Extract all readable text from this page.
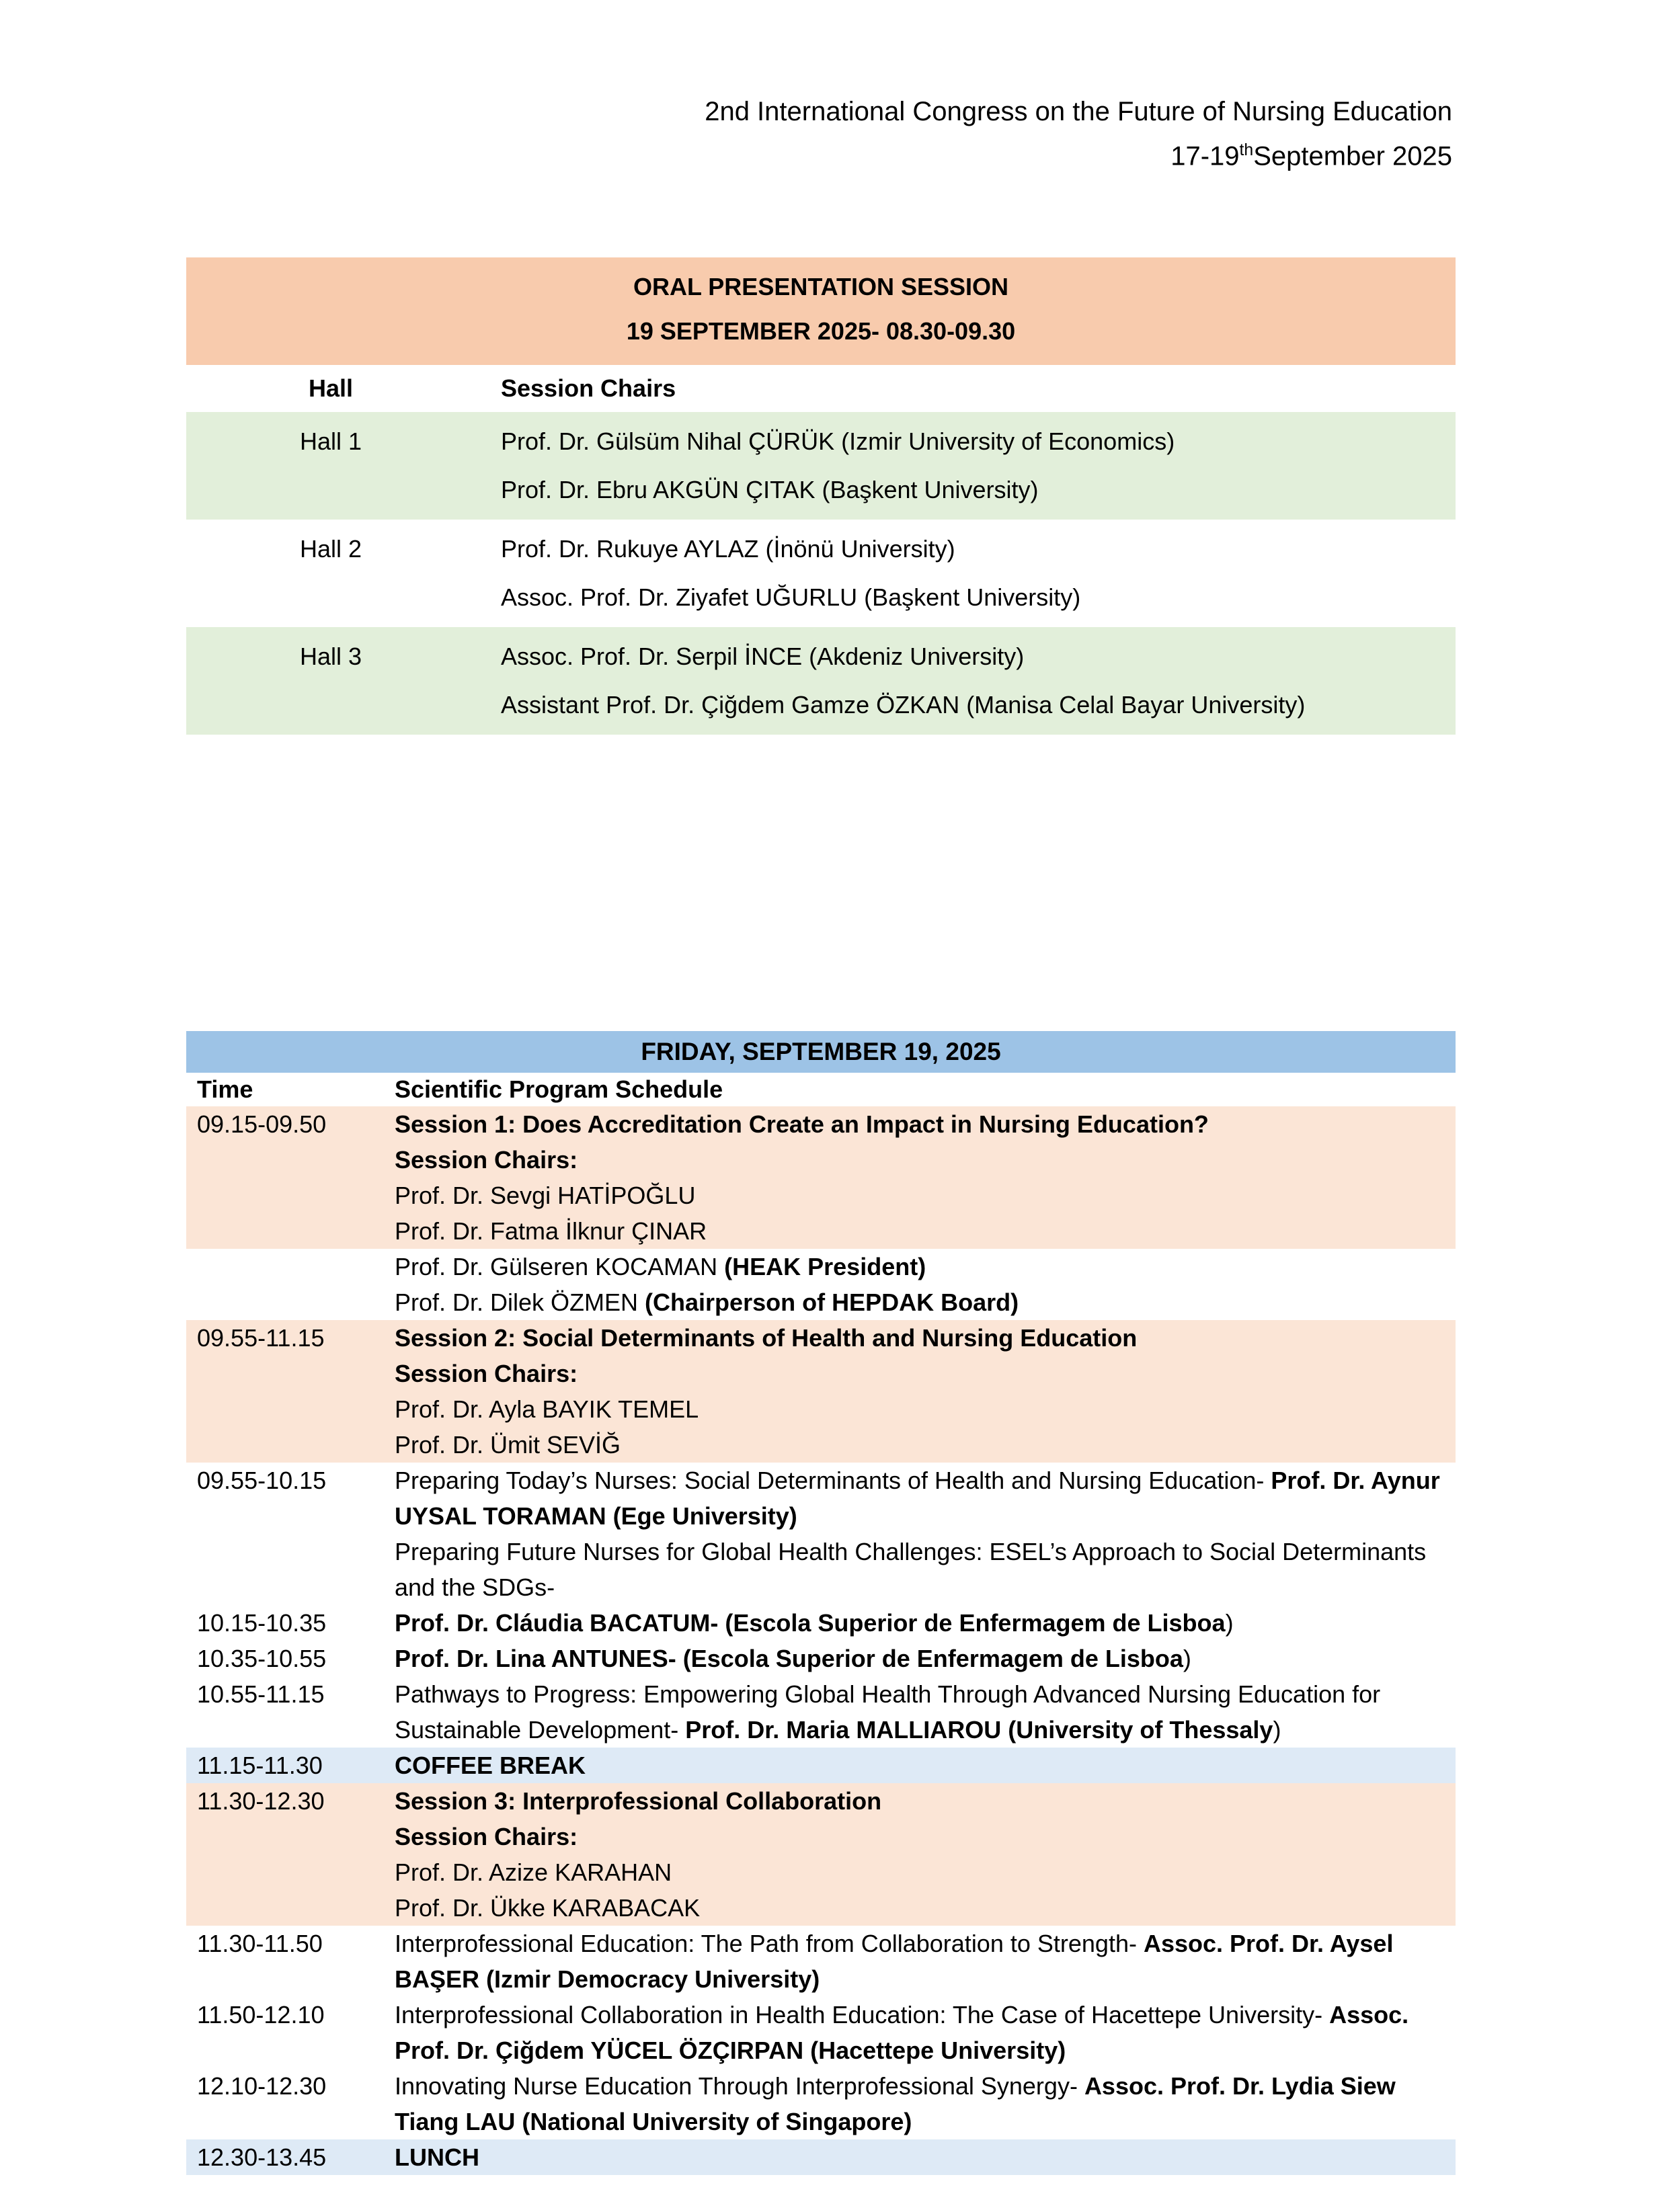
2nd International Congress on the Future of Nursing Education
17-19thSeptember 2025
ORAL PRESENTATION SESSION
19 SEPTEMBER 2025- 08.30-09.30
Hall	Session Chairs
Hall 1	Prof. Dr. Gülsüm Nihal ÇÜRÜK (Izmir University of Economics)
Prof. Dr. Ebru AKGÜN ÇITAK (Başkent University)
Hall 2	Prof. Dr. Rukuye AYLAZ (İnönü University)
Assoc. Prof. Dr. Ziyafet UĞURLU (Başkent University)
Hall 3	Assoc. Prof. Dr. Serpil İNCE (Akdeniz University)
Assistant Prof. Dr. Çiğdem Gamze ÖZKAN (Manisa Celal Bayar University)
FRIDAY, SEPTEMBER 19, 2025
Time	Scientific Program Schedule
09.15-09.50	Session 1: Does Accreditation Create an Impact in Nursing Education?
Session Chairs:
Prof. Dr. Sevgi HATİPOĞLU
Prof. Dr. Fatma İlknur ÇINAR
Prof. Dr. Gülseren KOCAMAN (HEAK President)
Prof. Dr. Dilek ÖZMEN (Chairperson of HEPDAK Board)
09.55-11.15	Session 2: Social Determinants of Health and Nursing Education
Session Chairs:
Prof. Dr. Ayla BAYIK TEMEL
Prof. Dr. Ümit SEVİĞ
09.55-10.15	Preparing Today’s Nurses: Social Determinants of Health and Nursing Education- Prof. Dr. Aynur UYSAL TORAMAN (Ege University)
Preparing Future Nurses for Global Health Challenges: ESEL’s Approach to Social Determinants and the SDGs-
10.15-10.35	Prof. Dr. Cláudia BACATUM- (Escola Superior de Enfermagem de Lisboa)
10.35-10.55	Prof. Dr. Lina ANTUNES- (Escola Superior de Enfermagem de Lisboa)
10.55-11.15	Pathways to Progress: Empowering Global Health Through Advanced Nursing Education for Sustainable Development- Prof. Dr. Maria MALLIAROU (University of Thessaly)
11.15-11.30	COFFEE BREAK
11.30-12.30	Session 3: Interprofessional Collaboration
Session Chairs:
Prof. Dr. Azize KARAHAN
Prof. Dr. Ükke KARABACAK
11.30-11.50	Interprofessional Education: The Path from Collaboration to Strength- Assoc. Prof. Dr. Aysel BAŞER (Izmir Democracy University)
11.50-12.10	Interprofessional Collaboration in Health Education: The Case of Hacettepe University- Assoc. Prof. Dr. Çiğdem YÜCEL ÖZÇIRPAN (Hacettepe University)
12.10-12.30	Innovating Nurse Education Through Interprofessional Synergy- Assoc. Prof. Dr. Lydia Siew Tiang LAU (National University of Singapore)
12.30-13.45	LUNCH
